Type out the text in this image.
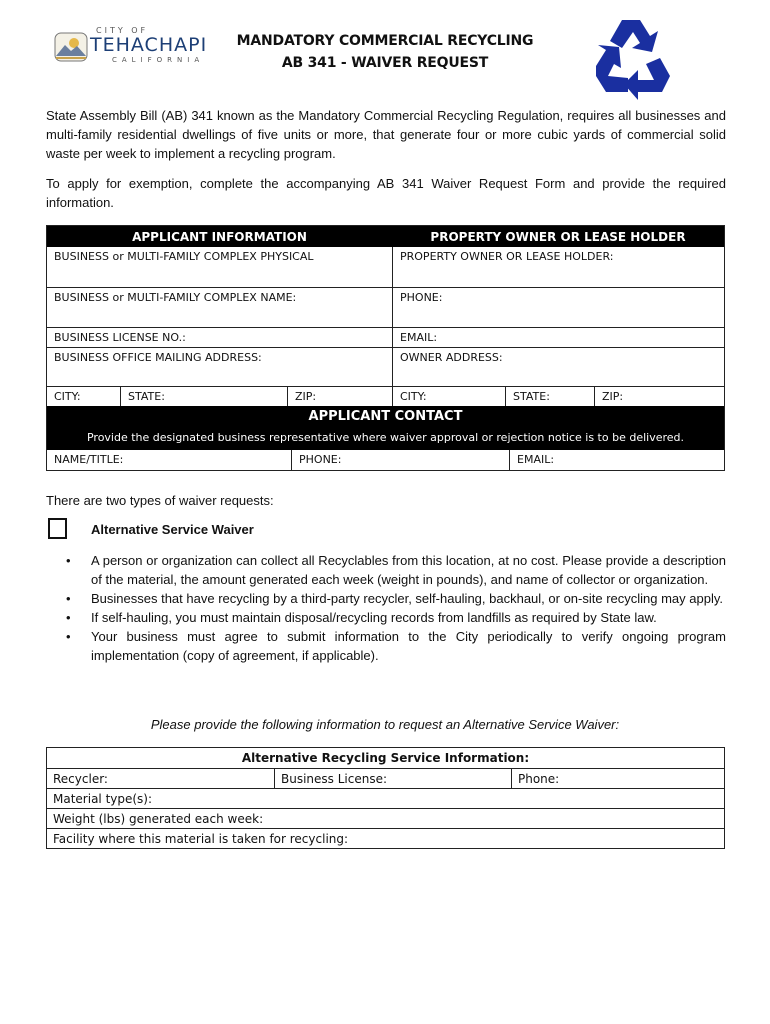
CITY OF
TEHACHAPI
CALIFORNIA
MANDATORY COMMERCIAL RECYCLING
AB 341 - WAIVER REQUEST
State Assembly Bill (AB) 341 known as the Mandatory Commercial Recycling Regulation, requires all businesses and multi-family residential dwellings of five units or more, that generate four or more cubic yards of commercial solid waste per week to implement a recycling program.
To apply for exemption, complete the accompanying AB 341 Waiver Request Form and provide the required information.
APPLICANT INFORMATION	PROPERTY OWNER OR LEASE HOLDER
BUSINESS or MULTI-FAMILY COMPLEX PHYSICAL	PROPERTY OWNER OR LEASE HOLDER:
BUSINESS or MULTI-FAMILY COMPLEX NAME:	PHONE:
BUSINESS LICENSE NO.:	EMAIL:
BUSINESS OFFICE MAILING ADDRESS:	OWNER ADDRESS:
CITY:	STATE:	ZIP:	CITY:	STATE:	ZIP:
APPLICANT CONTACT
Provide the designated business representative where waiver approval or rejection notice is to be delivered.
NAME/TITLE:	PHONE:	EMAIL:
There are two types of waiver requests:
Alternative Service Waiver
• A person or organization can collect all Recyclables from this location, at no cost. Please provide a description of the material, the amount generated each week (weight in pounds), and name of collector or organization.
• Businesses that have recycling by a third-party recycler, self-hauling, backhaul, or on-site recycling may apply.
• If self-hauling, you must maintain disposal/recycling records from landfills as required by State law.
• Your business must agree to submit information to the City periodically to verify ongoing program implementation (copy of agreement, if applicable).
Please provide the following information to request an Alternative Service Waiver:
Alternative Recycling Service Information:
Recycler:	Business License:	Phone:
Material type(s):
Weight (lbs) generated each week:
Facility where this material is taken for recycling:
